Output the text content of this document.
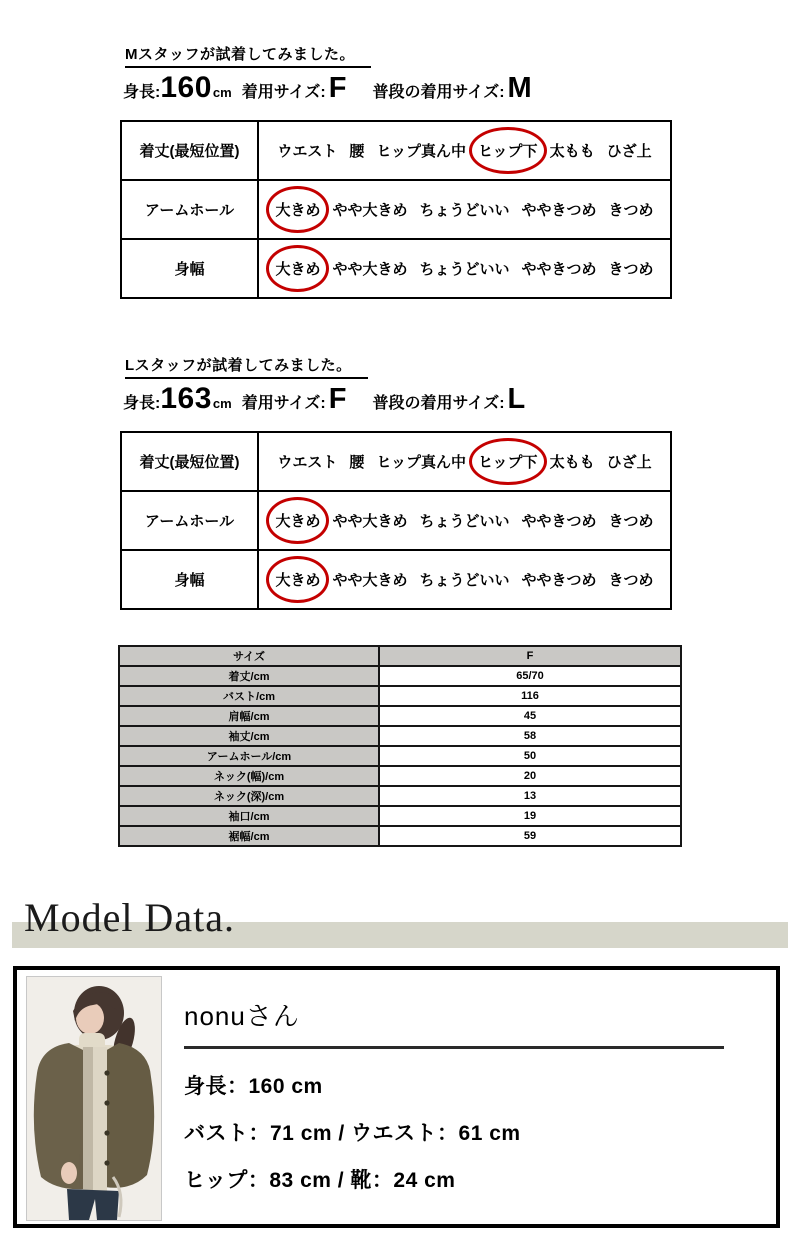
Mスタッフが試着してみました。
身長: 160 cm 着用サイズ: F 普段の着用サイズ: M
着丈(最短位置)	ウエスト 腰 ヒップ真ん中 ヒップ下 太もも ひざ上
アームホール	大きめ やや大きめ ちょうどいい ややきつめ きつめ
身幅	大きめ やや大きめ ちょうどいい ややきつめ きつめ
Lスタッフが試着してみました。
身長: 163 cm 着用サイズ: F 普段の着用サイズ: L
着丈(最短位置)	ウエスト 腰 ヒップ真ん中 ヒップ下 太もも ひざ上
アームホール	大きめ やや大きめ ちょうどいい ややきつめ きつめ
身幅	大きめ やや大きめ ちょうどいい ややきつめ きつめ
サイズ	F
着丈/cm	65/70
バスト/cm	116
肩幅/cm	45
袖丈/cm	58
アームホール/cm	50
ネック(幅)/cm	20
ネック(深)/cm	13
袖口/cm	19
裾幅/cm	59
Model Data.
nonuさん
身長：160 cm
バスト：71 cm / ウエスト：61 cm
ヒップ：83 cm / 靴：24 cm
